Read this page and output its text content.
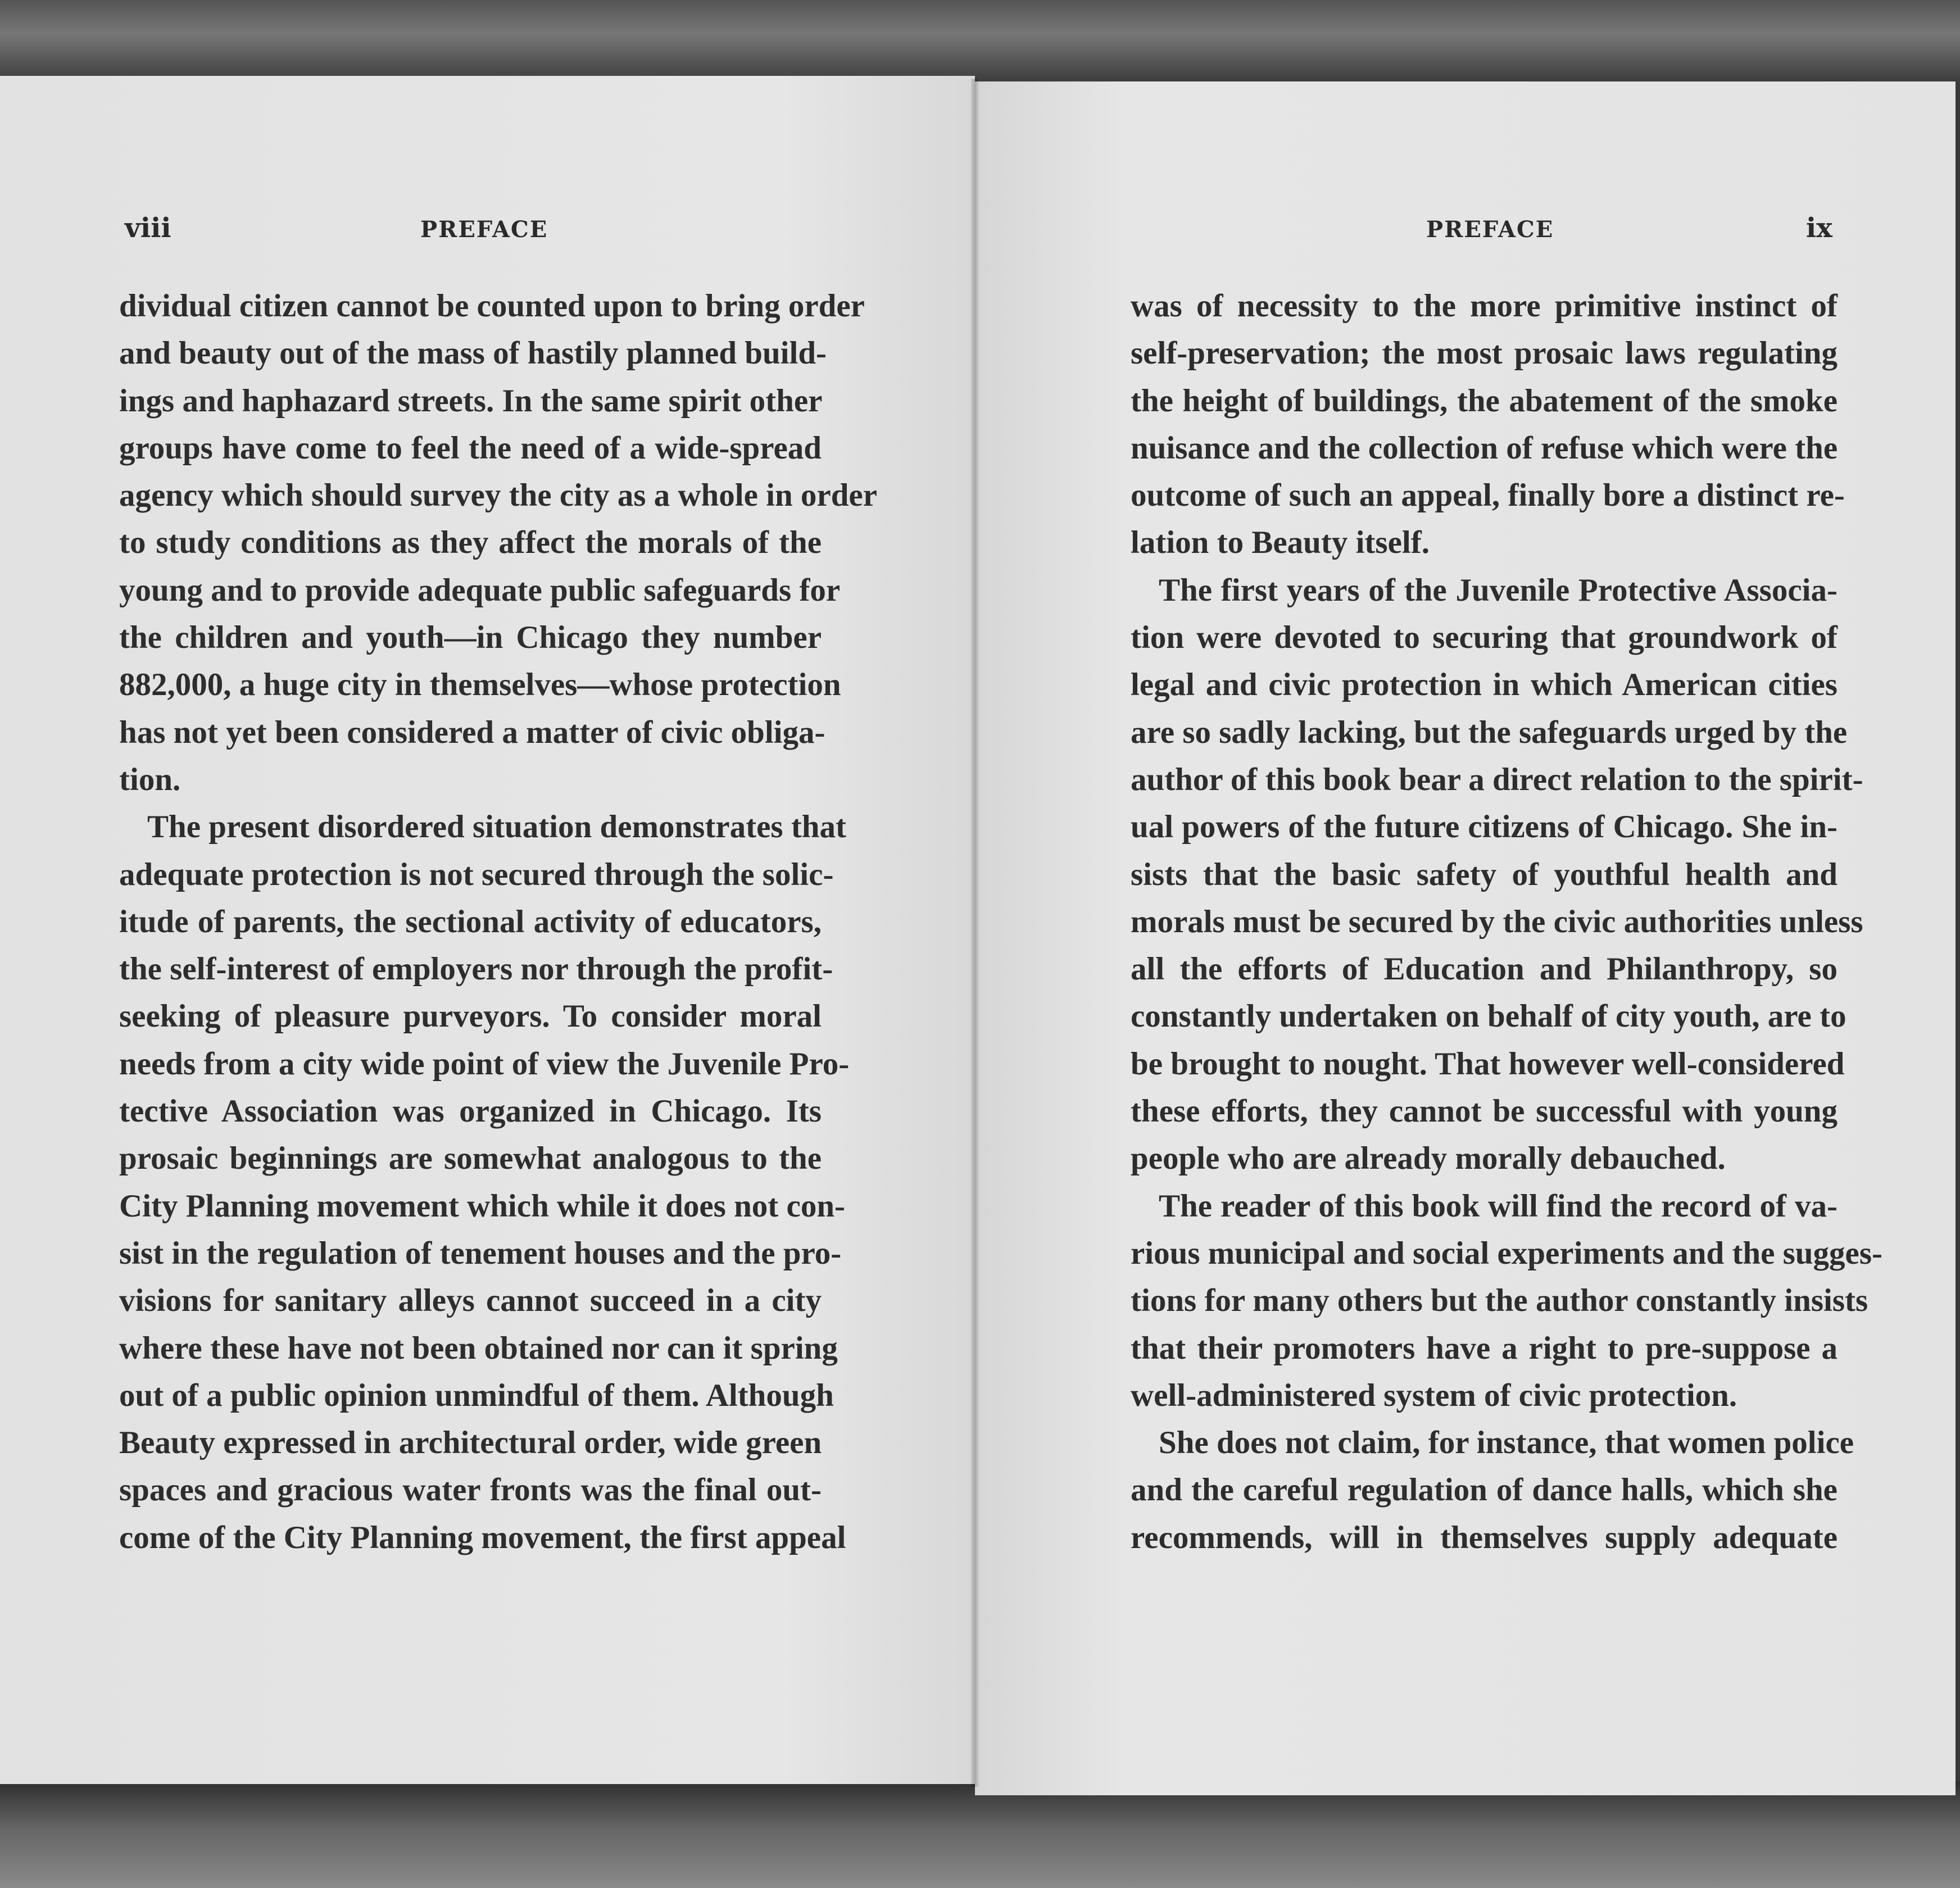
viii	PREFACE	PREFACE	ix
dividual citizen cannot be counted upon to bring order
and beauty out of the mass of hastily planned build-
ings and haphazard streets. In the same spirit other
groups have come to feel the need of a wide-spread
agency which should survey the city as a whole in order
to study conditions as they affect the morals of the
young and to provide adequate public safeguards for
the children and youth—in Chicago they number
882,000, a huge city in themselves—whose protection
has not yet been considered a matter of civic obliga-
tion.
The present disordered situation demonstrates that
adequate protection is not secured through the solic-
itude of parents, the sectional activity of educators,
the self-interest of employers nor through the profit-
seeking of pleasure purveyors. To consider moral
needs from a city wide point of view the Juvenile Pro-
tective Association was organized in Chicago. Its
prosaic beginnings are somewhat analogous to the
City Planning movement which while it does not con-
sist in the regulation of tenement houses and the pro-
visions for sanitary alleys cannot succeed in a city
where these have not been obtained nor can it spring
out of a public opinion unmindful of them. Although
Beauty expressed in architectural order, wide green
spaces and gracious water fronts was the final out-
come of the City Planning movement, the first appeal
was of necessity to the more primitive instinct of
self-preservation; the most prosaic laws regulating
the height of buildings, the abatement of the smoke
nuisance and the collection of refuse which were the
outcome of such an appeal, finally bore a distinct re-
lation to Beauty itself.
The first years of the Juvenile Protective Associa-
tion were devoted to securing that groundwork of
legal and civic protection in which American cities
are so sadly lacking, but the safeguards urged by the
author of this book bear a direct relation to the spirit-
ual powers of the future citizens of Chicago. She in-
sists that the basic safety of youthful health and
morals must be secured by the civic authorities unless
all the efforts of Education and Philanthropy, so
constantly undertaken on behalf of city youth, are to
be brought to nought. That however well-considered
these efforts, they cannot be successful with young
people who are already morally debauched.
The reader of this book will find the record of va-
rious municipal and social experiments and the sugges-
tions for many others but the author constantly insists
that their promoters have a right to pre-suppose a
well-administered system of civic protection.
She does not claim, for instance, that women police
and the careful regulation of dance halls, which she
recommends, will in themselves supply adequate
